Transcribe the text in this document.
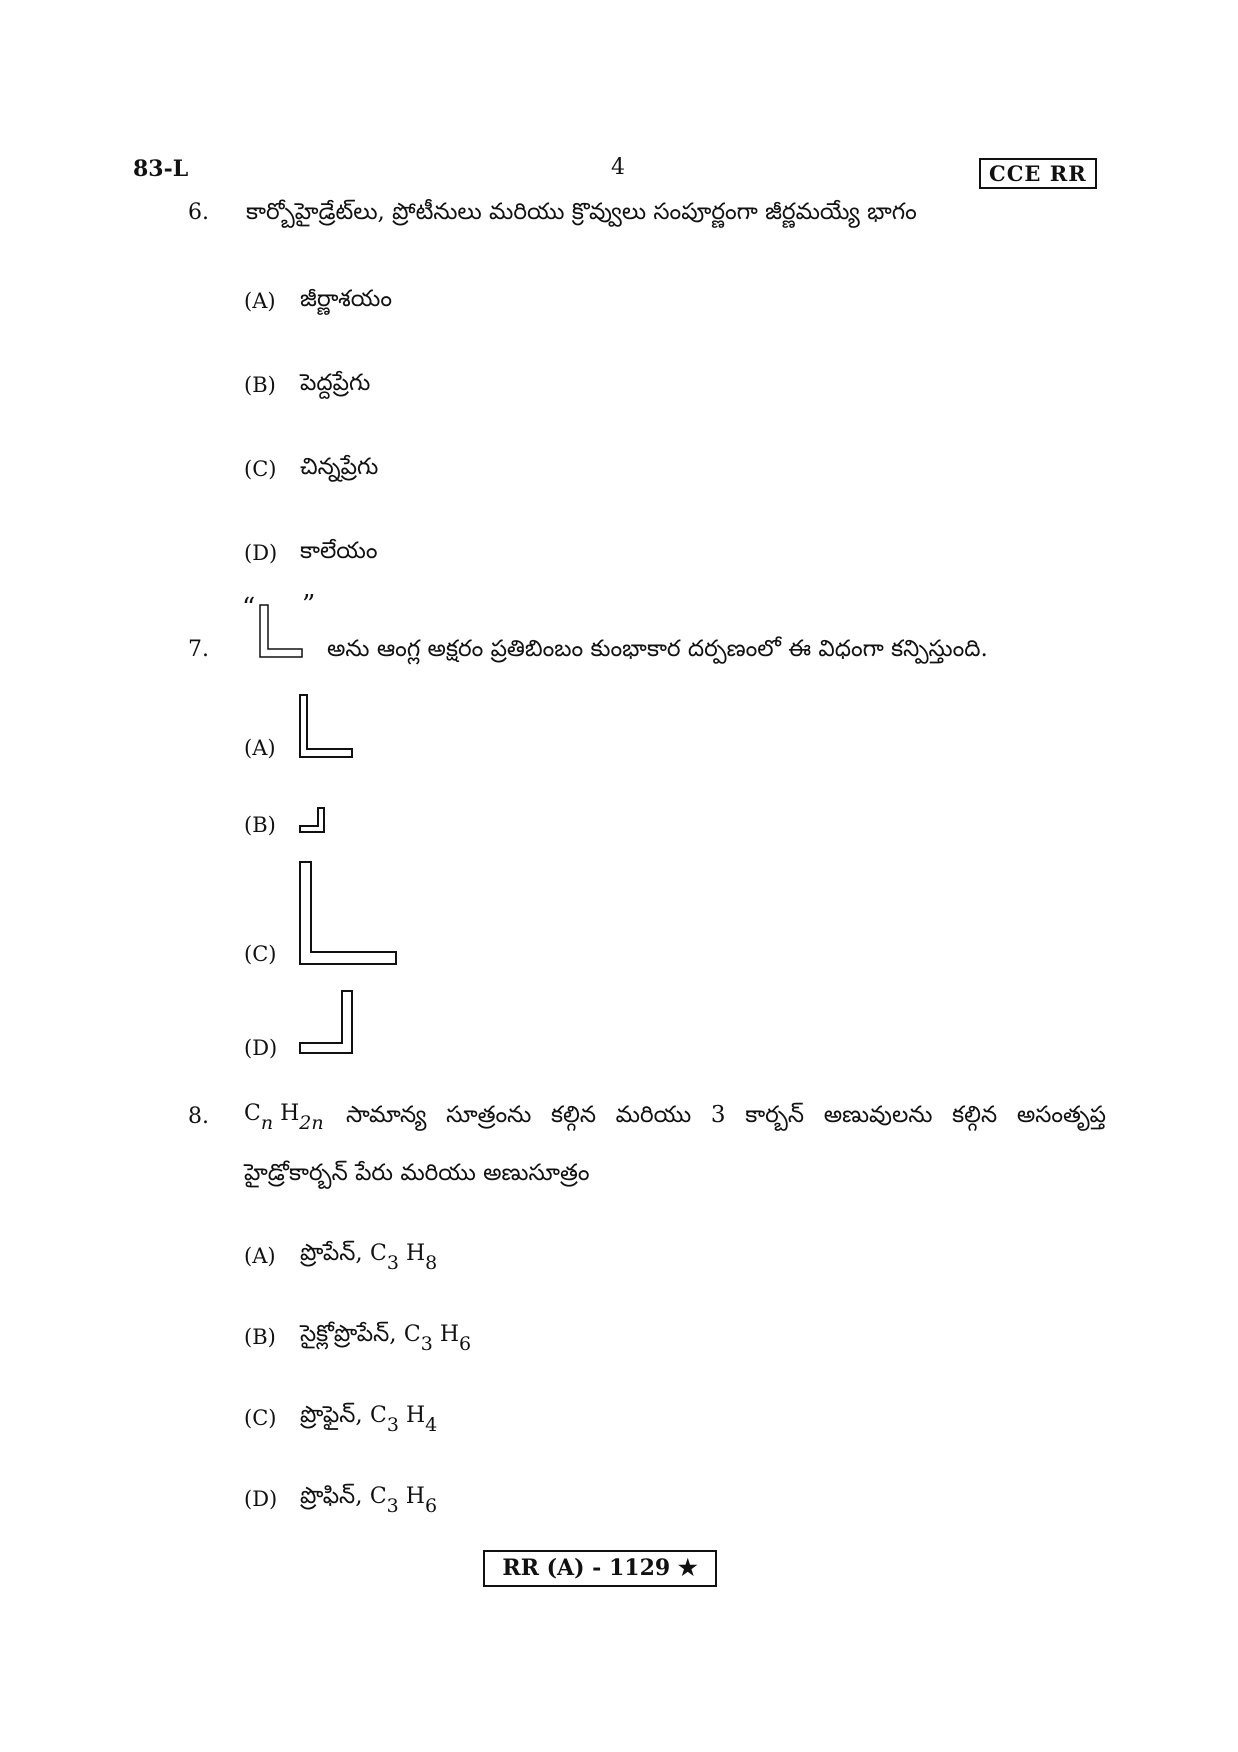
83-L	4	CCE RR
6. కార్బోహైడ్రేట్‌లు, ప్రోటీనులు మరియు క్రొవ్వులు సంపూర్ణంగా జీర్ణమయ్యే భాగం
(A) జీర్ణాశయం
(B) పెద్దప్రేగు
(C) చిన్నప్రేగు
(D) కాలేయం
7.
“ ”
అను ఆంగ్ల అక్షరం ప్రతిబింబం కుంభాకార దర్పణంలో ఈ విధంగా కన్పిస్తుంది.
(A)
(B)
(C)
(D)
8. $C_n$ $H_{2n}$ సామాన్య సూత్రంను కల్గిన మరియు 3 కార్బన్ అణువులను కల్గిన అసంతృప్త
హైడ్రోకార్బన్ పేరు మరియు అణుసూత్రం
(A) ప్రొపేన్, $C_3$ $H_8$
(B) సైక్లోప్రొపేన్, $C_3$ $H_6$
(C) ప్రొఫైన్, $C_3$ $H_4$
(D) ప్రొఫిన్, $C_3$ $H_6$
RR (A) - 1129 ★
